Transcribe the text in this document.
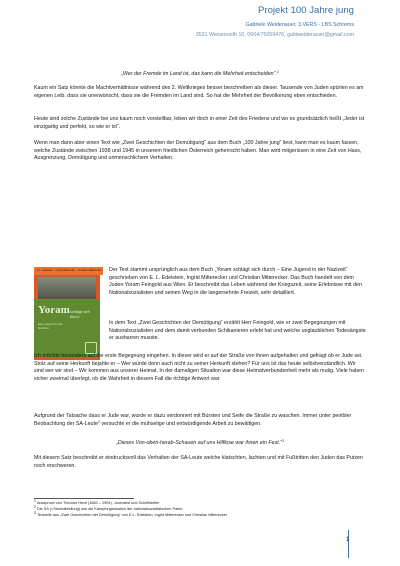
Projekt 100 Jahre jung
Gabriele Weidenauer, 3.VERS - LBS Schrems
3531 Wiesenreith 10, 0664/75059476, gabiweidenauer@gmail.com
„Wer der Fremde im Land ist, das kann die Mehrheit entscheiden“.$^1$

Kaum ein Satz könnte die Machtverhältnisse während des 2. Weltkrieges besser beschreiben als dieser. Tausende von Juden spürten es am eigenen Leib, dass sie unerwünscht, dass sie die Fremden im Land sind. So hat die Mehrheit der Bevölkerung eben entschieden.

Heute sind solche Zustände bei uns kaum noch vorstellbar, leben wir doch in einer Zeit des Friedens und wo es grundsätzlich heißt „Jeder ist einzigartig und perfekt, so wie er ist“.

Wenn man dann aber einen Text wie „Zwei Geschichten der Demütigung“ aus dem Buch „100 Jahre jung“ liest, kann man es kaum fassen, welche Zustände zwischen 1938 und 1945 in unserem friedlichen Österreich geherrscht haben. Man wird mitgerissen in eine Zeit von Hass, Ausgrenzung, Demütigung und unmenschlichem Verhalten.

E.L. Edelstein · Ingrid Mitterecker · Christian Mitterecker
Yoram schlägt sich durch
Eine Jugend in der Nazizeit

Der Text stammt ursprünglich aus dem Buch „Yoram schlägt sich durch – Eine Jugend in der Nazizeit“ geschrieben von E. L. Edelstein, Ingrid Mitterecker und Christian Mitterecker. Das Buch handelt von dem Juden Yoram Feingold aus Wien. Er beschreibt das Leben während der Kriegszeit, seine Erlebnisse mit den Nationalsozialisten und seinen Weg in die langersehnte Freizeit, sehr detailliert.

In dem Text „Zwei Geschichten der Demütigung“ erzählt Herr Feingold, wie er zwei Begegnungen mit Nationalsozialisten und dem damit verbunden Schikanieren erlebt hat und welche unglaublichen Todesängste er ausharren musste.

Ich möchte besonders auf die erste Begegnung eingehen. In dieser wird er auf der Straße von ihnen aufgehalten und gefragt ob er Jude sei. Stolz auf seine Herkunft bejahte er – Wer würde denn auch nicht zu seiner Herkunft stehen? Für uns ist das heute selbstverständlich. Wir sind wer wir sind – Wir kommen aus unserer Heimat. In der damaligen Situation war diese Heimatverbundenheit mehr als mutig. Viele haben sicher zweimal überlegt, ob die Wahrheit in diesem Fall die richtige Antwort war.

Aufgrund der Tatsache dass er Jude war, wurde er dazu verdonnert mit Bürsten und Seife die Straße zu waschen. Immer unter penibler Beobachtung der SA-Leute$^2$ versuchte er die mühselige und entwürdigende Arbeit zu bewältigen.

„Dieses Von-oben-herab-Schauen auf uns Hilflose war ihnen ein Fest.“$^3$

Mit diesem Satz beschreibt er eindrucksvoll das Verhalten der SA-Leute welche klatschten, lachten und mit Fußtritten den Juden das Putzen noch erschweren.

$^1$ Ausspruch von Theodor Herzl (1860 – 1904), Journalist und Schriftsteller
$^2$ Die SA (=Sturmabteilung) war die Kampforganisation der nationalsozialistischen Partei
$^3$ Textzeile aus „Zwei Geschichten der Demütigung“ von E.L. Edelstein, Ingrid Mitterecker und Christian Mitterecker
1
